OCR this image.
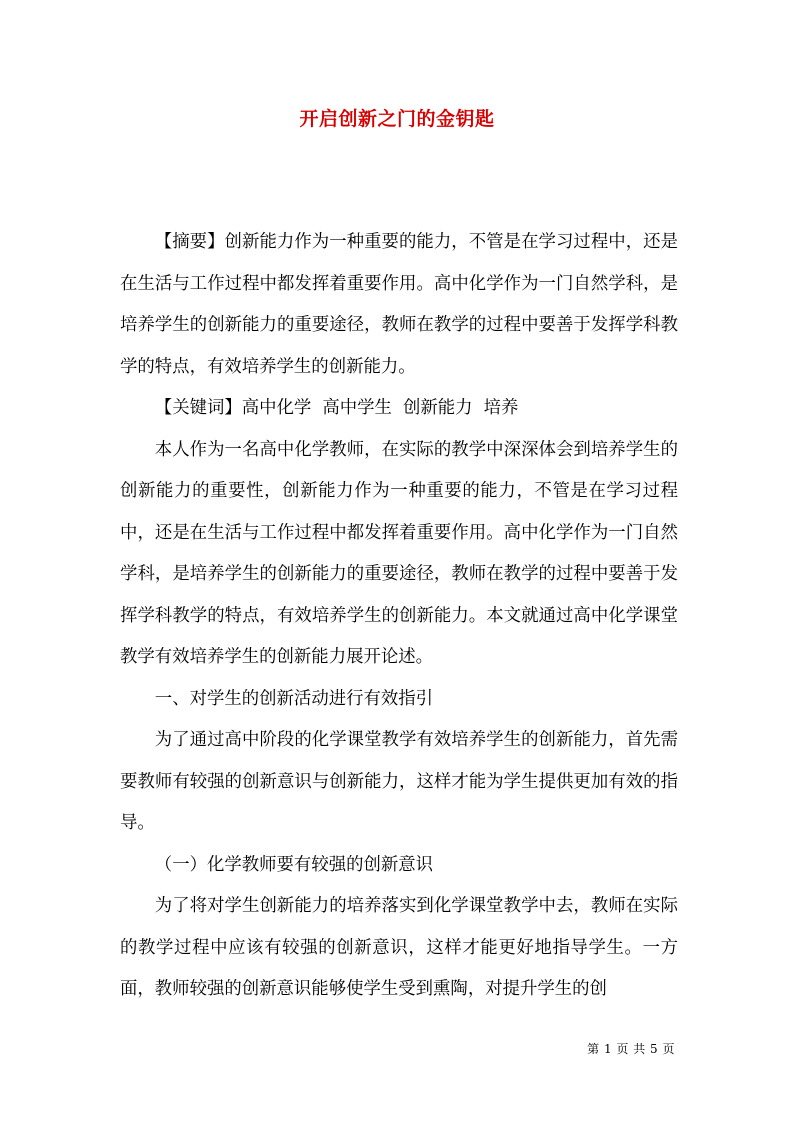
开启创新之门的金钥匙

【摘要】创新能力作为一种重要的能力，不管是在学习过程中，还是在生活与工作过程中都发挥着重要作用。高中化学作为一门自然学科，是培养学生的创新能力的重要途径，教师在教学的过程中要善于发挥学科教学的特点，有效培养学生的创新能力。

【关键词】高中化学  高中学生  创新能力  培养

本人作为一名高中化学教师，在实际的教学中深深体会到培养学生的创新能力的重要性，创新能力作为一种重要的能力，不管是在学习过程中，还是在生活与工作过程中都发挥着重要作用。高中化学作为一门自然学科，是培养学生的创新能力的重要途径，教师在教学的过程中要善于发挥学科教学的特点，有效培养学生的创新能力。本文就通过高中化学课堂教学有效培养学生的创新能力展开论述。

一、对学生的创新活动进行有效指引

为了通过高中阶段的化学课堂教学有效培养学生的创新能力，首先需要教师有较强的创新意识与创新能力，这样才能为学生提供更加有效的指导。

（一）化学教师要有较强的创新意识

为了将对学生创新能力的培养落实到化学课堂教学中去，教师在实际的教学过程中应该有较强的创新意识，这样才能更好地指导学生。一方面，教师较强的创新意识能够使学生受到熏陶，对提升学生的创

第 1 页 共 5 页
